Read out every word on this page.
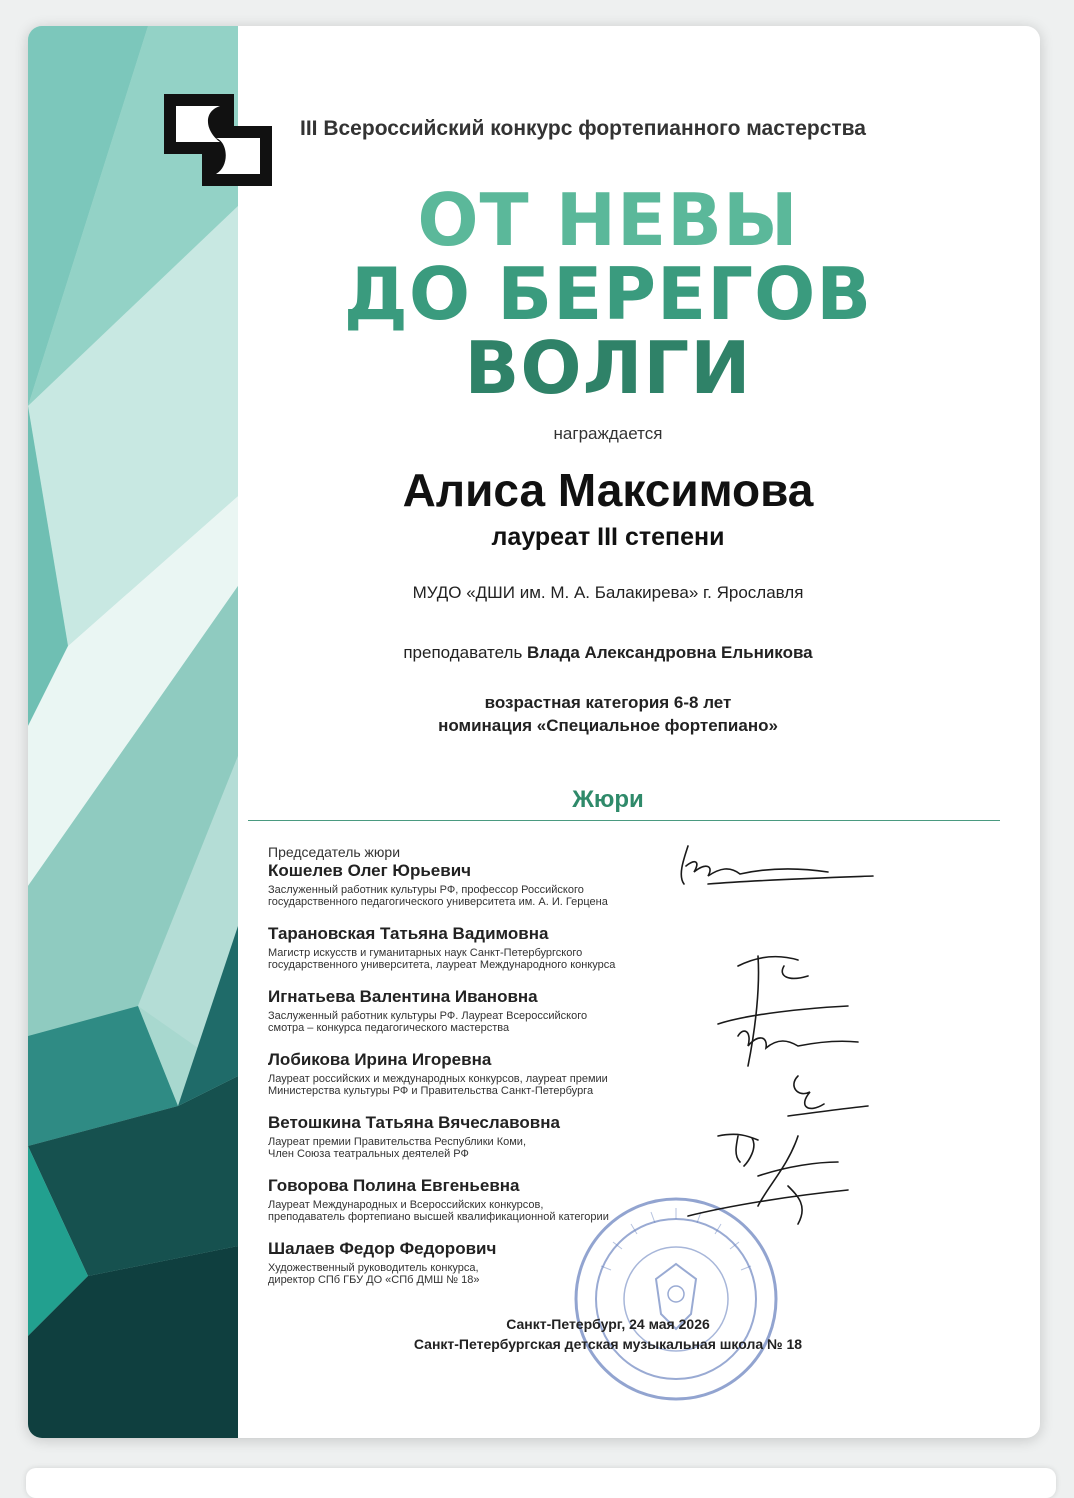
III Всероссийский конкурс фортепианного мастерства
ОТ НЕВЫ
ДО БЕРЕГОВ
ВОЛГИ
награждается
Алиса Максимова
лауреат III степени
МУДО «ДШИ им. М. А. Балакирева» г. Ярославля
преподаватель Влада Александровна Ельникова
возрастная категория 6-8 лет
номинация «Специальное фортепиано»
Жюри
Председатель жюри
Кошелев Олег Юрьевич
Заслуженный работник культуры РФ, профессор Российского
государственного педагогического университета им. А. И. Герцена
Тарановская Татьяна Вадимовна
Магистр искусств и гуманитарных наук Санкт-Петербургского
государственного университета, лауреат Международного конкурса
Игнатьева Валентина Ивановна
Заслуженный работник культуры РФ. Лауреат Всероссийского
смотра – конкурса педагогического мастерства
Лобикова Ирина Игоревна
Лауреат российских и международных конкурсов, лауреат премии
Министерства культуры РФ и Правительства Санкт-Петербурга
Ветошкина Татьяна Вячеславовна
Лауреат премии Правительства Республики Коми,
Член Союза театральных деятелей РФ
Говорова Полина Евгеньевна
Лауреат Международных и Всероссийских конкурсов,
преподаватель фортепиано высшей квалификационной категории
Шалаев Федор Федорович
Художественный руководитель конкурса,
директор СПб ГБУ ДО «СПб ДМШ № 18»
Санкт-Петербург, 24 мая 2026
Санкт-Петербургская детская музыкальная школа № 18
